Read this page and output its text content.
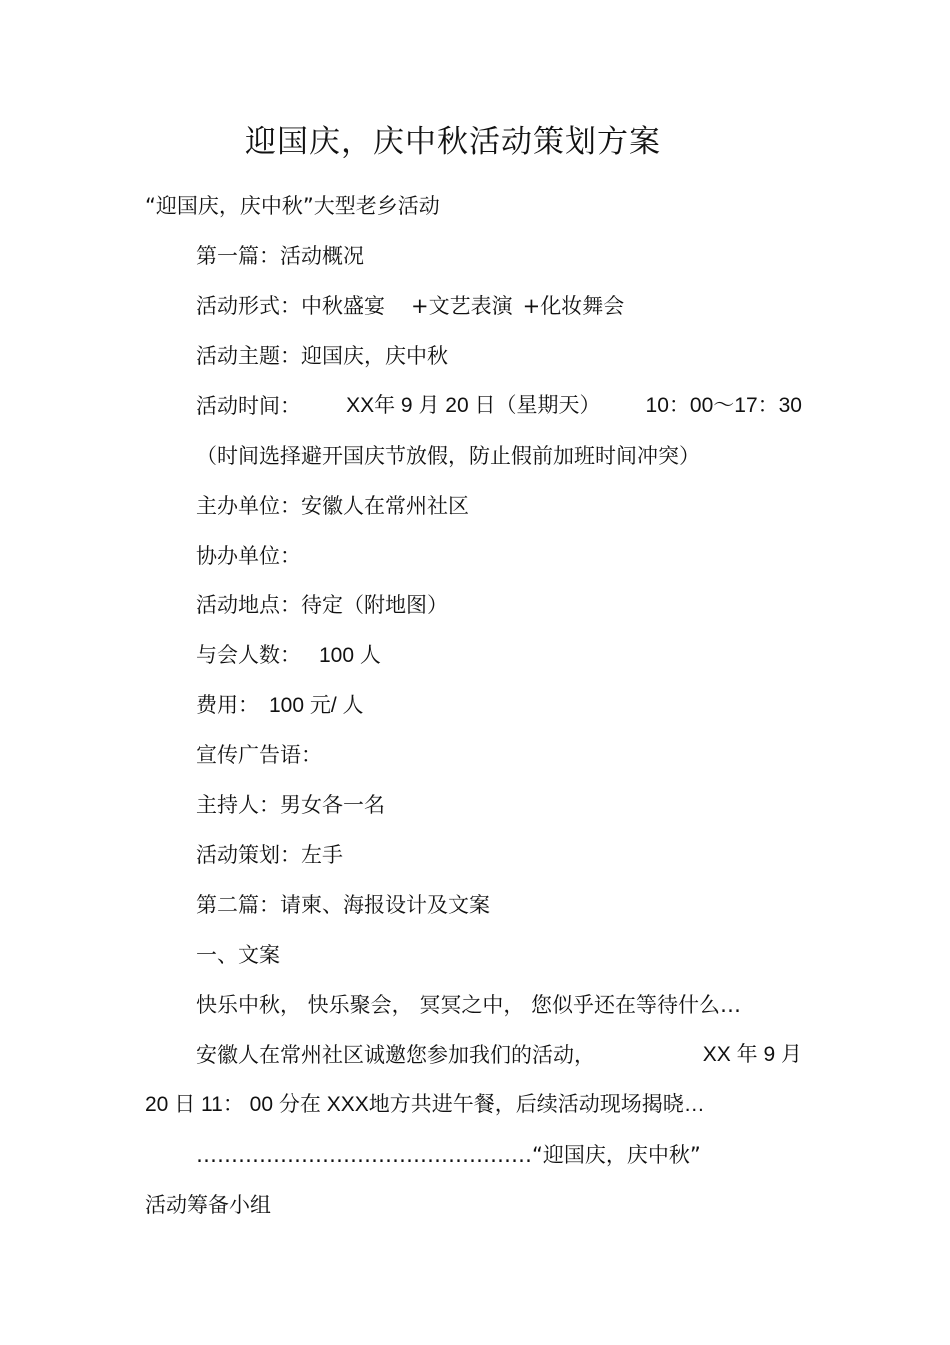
迎国庆，庆中秋活动策划方案
“迎国庆，庆中秋”大型老乡活动
第一篇：活动概况
活动形式：中秋盛宴 +文艺表演 +化妆舞会
活动主题：迎国庆，庆中秋
活动时间： XX年 9 月 20 日（星期天） 10：00～17：30
（时间选择避开国庆节放假，防止假前加班时间冲突）
主办单位：安徽人在常州社区
协办单位：
活动地点：待定（附地图）
与会人数： 100 人
费用： 100 元/ 人
宣传广告语：
主持人：男女各一名
活动策划：左手
第二篇：请柬、海报设计及文案
一、文案
快乐中秋， 快乐聚会， 冥冥之中， 您似乎还在等待什么…
安徽人在常州社区诚邀您参加我们的活动，	XX 年 9 月
20 日 11： 00 分在 XXX地方共进午餐，后续活动现场揭晓…
…………………………………………“迎国庆，庆中秋”
活动筹备小组
